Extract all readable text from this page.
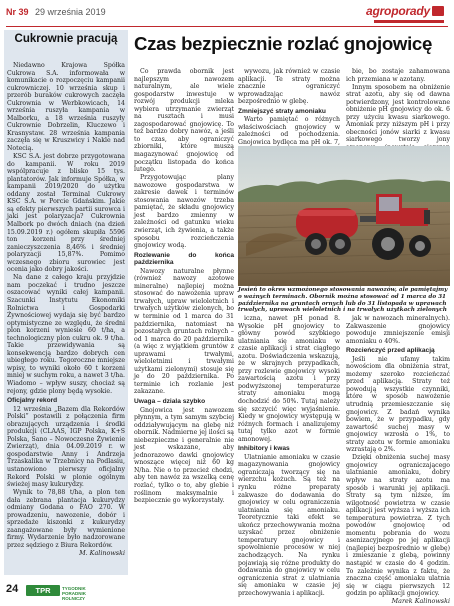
Nr 39 29 września 2019	agroporady
Cukrownie pracują

Niedawno Krajowa Spółka Cukrowa S.A. informowała w komunikacie o rozpoczęciu kampanii cukrowniczej. 10 września skup i przerób buraków cukrowych zaczęła Cukrownia w Werbkowicach, 14 września ruszyła kampania w Malborku, a 18 września ruszyły Cukrownie Dobrzelin, Kluczewo i Krasnystaw. 28 września kampania zaczęła się w Kruszwicy i Nakle nad Notecią.

KSC S.A. jest dobrze przygotowana do kampanii. W roku 2019 wspólpracuje z blisko 15 tys. plantatorów. Jak informuje Spółka, w kampanii 2019/2020 do użytku oddany został Terminal Cukrowy KSC S.A. w Porcie Gdańskim. Jakie są efekty pierwszych partii surowca i jaki jest polaryzacja? Cukrownia Malbork po dwóch dniach (na dzień 15.09.2019 r.) ogółem skupiła 5596 ton korzeni przy średniej zanieczyszczenia 8,46% i średniej polaryzacji 15,87%. Pomimo wczesnego zbioru surowiec jest ocenia jako dobry jakości.

Na dane z całego kraju przyjdzie nam poczekać i trudno jeszcze oszacować wyniki całej kampanii. Szacunki Instytutu Ekonomiki Rolnictwa i Gospodarki Żywnościowej wydaja się być bardzo optymistyczne ze względu, że średni plon korzeni wyniesie 60 t/ha, a technologiczny plon cukru ok. 9 t/ha. Takie przewidywania są konsekwencją bardzo dobrych cen ubiegłego roku. Tegoroczne mniejsze wpisy, to wyniki około 60 t korzeni mniej w suchym roku, a nawet 3 t/ha. Wiadomo – wpływ suszy, chociaż są rejony, gdzie plony będą wysokie.

Oficjalny rekord

12 września „Bazem dla Rekordów Polski” postawili z połączenia firm obrazujących urządzenia i środki produkcji (CLAAS, IGP Polska, K+S Polska, Sano – Nowoczesne Żywienie Zwierząt), dnia 04.09.2019 r. w gospodarstwie Anny i Andrzeja Trzaskalika w Trzebnicy na Podlasiu, ustanowiono pierwszy oficjalny Rekord Polski w plonie ogólnym świeżej masy kukurydzy.

Wynik to 78,88 t/ha, a plon ten dała zebrana plantacja kukurydzy odmiany Godana o FAO 270. W prowadzeniu, nawozenie, dobór i sprzedaże kiszonki z kukurydzy zaangażowane były wymienione firmy. Wydarzenie było nadzorowane przez sędziego z Biura Rekordów.

M. Kalinowski
Czas bezpiecznie rozlać gnojowicę

Co prawda obornik jest najlepszym nawozem naturalnym, ale wiele gospodarstw inwestuje w rozwój produkcji mleka wybiera utrzymanie zwierząt na rusztach i musi zagospodarować gnojowicę. To też bardzo dobry nawóz, a jeśli to czas, aby ograniczyć zbiorniki, które muszą magazynować gnojowicę od początku listopada do końca lutego.

Przygotowując plany nawozowe gospodarstwa w zakresie dawek i terminów stosowania nawozów trzeba pamiętać, że składu gnojowicy jest bardzo zmienny w zależności od gatunku wieku zwierząt, ich żywienia, a także sposobu rozcieńczenia gnojowicy wodą.

Rozlewanie do końca października

Nawozy naturalne płynne (również nawozy azotowe mineralne) najlepiej można stosować do nawożenia upraw trwałych, upraw wieloletnich i trwałych użytków zielonych, bo w terminie od 1 marca do 31 października, natomiast na pozostałych gruntach rolnych – od 1 marca do 20 października (a więc z wyjątkiem gruntów z uprawami trwałymi, wieloletnimi i trwałymi użytkami zielonymi) stosuje się je do 20 października. Po terminie ich rozlanie jest zakazane.

Uwaga – dziala szybko

Gnojowica jest nawozem płynnym, a tym samym szybciej oddziaływującym na glebę niż obornik. Nadmierne jej ilości są niebezpieczne i generalnie nie jest wskazane, aby jednorazowo dawki gnojowicy wnoszące więcej niż 60 kg N/ha. Nie o to przecież chodzi, aby ten nawóz za wszelką cenę rozlać, tylko o to, aby glebie i roślinom maksymalnie i bezpiecznie go wykorzystały.

wywozu, jak również w czasie aplikacji. Te straty można znacznie ograniczyć wprowadzając nawóz bezpośrednio w glebę.

Zmniejszyć straty amoniaku

Warto pamiętać o różnych właściwościach gnojowicy w zależności od pochodzenia. Gnojowica bydlęca ma pH ok. 7,

bie, bo zostaje zahamowana ich przemiana w azotany.

Innym sposobem na obniżenie strat azotu, aby się od dawna potwierdzony, jest kontrolowane obniżenie pH gnojowicy do ok. 6 przy użyciu kwasu siarkowego. Amoniak przy niższym pH i przy obecności jonów siarki z kwasu siarkowego tworzy jony

Jesień to okres wzmożonego stosowania nawozów, ale pamiętajmy o ważnych terminach. Obornik można stosować od 1 marca do 31 października na gruntach ornych lub do 31 listopada w uprawach trwałych, uprawach wieloletnich i na trwałych użytkach zielonych

iczna, nawet pH ponad 8. Wysokie pH gnojowicy to główny powód szybkiego ulatniania się amoniaku w czasie aplikacji i strat ciągłego azotu. Doświadczenia wskazują, że w skrajnych przypadkach, przy rozlewie gnojowicy wysoki zawartością azotu i przy podwyższonej temperaturze straty amoniaku mogą dochodzić do 50%. Tutaj należy się szczycić więc wyjaśnienie. Kiedy w gnojowicy występują w różnych formach i analizujemy tutaj tylko azot w formie amonowej.

Inhibitory i kwas

Ulatnianie amoniaku w czasie magazynowania gnojowicy ograniczają tworzący się na wierzchu kożuch. Są też na rynku różne preparaty zakwasze do dodawania do gnojowicy w celu ograniczenia ulatniania się amoniaku. Teoretycznie taki efekt se ukończ przechowywania można uzyskać przez obniżenie temperatury gnojowicy i spowolnienie procesów w niej zachodzących. Na rynku pojawiają się różne produkty do dodawania do gnojowicy w celu ograniczenia strat z ulatniania się amoniaku w czasie jej przechowywania i aplikacji.

jak w nawozach mineralnych). Zakwaszenie gnojowicy powoduje zmniejszenie emisji amoniaku o 40%.

Rozcieńczyć przed aplikacją

Jeśli nie ufamy takim nowościom dla obniżenia strat, możemy szeroko rozcieńczać przed aplikacją. Straty też powodują wszystkie czynniki, które w sposób nawożenie utrudnią przemieszczanie się gnojowicy. Z badań wynika bowiem, że w przypadku, gdy zawartość suchej masy w gnojowicy wzrosła o 1%, to straty azotu w formie amoniaku wzrastają o 2%.

Dzięki obniżenia suchej masy gnojowicy ograniczającego ulatnianie amoniaku, dobry wpływ na straty azotu ma sposób i warunki jej aplikacji. Straty są tym niższe, im wilgotność powietrza w czasie aplikacji jest wyższa i wyższa ich temperatura powietrza. Z tych powodów gnojowicę od momentu pobrania do wozu asenizacyjnego po jej aplikacji (najlepiej bezpośrednio w glebę) i zmieszanie z glebą, powinny nastąpić w czasie do 4 godzin. To zależnie wynika z faktu, że znaczna część amoniaku ulatnia się w ciągu pierwszych 12 godzin po aplikacji gnojowicy.

Marek Kalinowski
24	TPR	TYGODNIK PORADNIK ROLNICZY
